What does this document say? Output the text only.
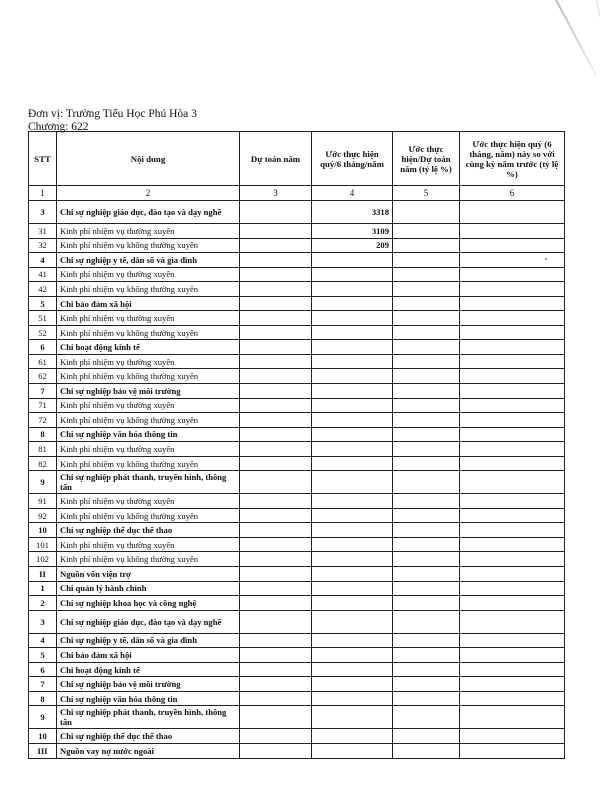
Đơn vị: Trường Tiểu Học Phú Hòa 3
Chương: 622
STT	Nội dung	Dự toán năm	Ước thực hiện quý/6 tháng/năm	Ước thực hiện/Dự toán năm (tỷ lệ %)	Ước thực hiện quý (6 tháng, năm) này so với cùng kỳ năm trước (tỷ lệ %)
1	2	3	4	5	6
3	Chi sự nghiệp giáo dục, đào tạo và dạy nghề		3318		
31	Kinh phí nhiệm vụ thường xuyên		3109		
32	Kinh phí nhiệm vụ không thường xuyên		209		
4	Chi sự nghiệp y tế, dân số và gia đình				
41	Kinh phí nhiệm vụ thường xuyên				
42	Kinh phí nhiệm vụ không thường xuyên				
5	Chi bảo đảm xã hội				
51	Kinh phí nhiệm vụ thường xuyên				
52	Kinh phí nhiệm vụ không thường xuyên				
6	Chi hoạt động kinh tế				
61	Kinh phí nhiệm vụ thường xuyên				
62	Kinh phí nhiệm vụ không thường xuyên				
7	Chi sự nghiệp bảo vệ môi trường				
71	Kinh phí nhiệm vụ thường xuyên				
72	Kinh phí nhiệm vụ không thường xuyên				
8	Chi sự nghiệp văn hóa thông tin				
81	Kinh phí nhiệm vụ thường xuyên				
82	Kinh phí nhiệm vụ không thường xuyên				
9	Chi sự nghiệp phát thanh, truyền hình, thông tấn				
91	Kinh phí nhiệm vụ thường xuyên				
92	Kinh phí nhiệm vụ không thường xuyên				
10	Chi sự nghiệp thể dục thể thao				
101	Kinh phí nhiệm vụ thường xuyên				
102	Kinh phí nhiệm vụ không thường xuyên				
II	Nguồn vốn viện trợ				
1	Chi quản lý hành chính				
2	Chi sự nghiệp khoa học và công nghệ				
3	Chi sự nghiệp giáo dục, đào tạo và dạy nghề				
4	Chi sự nghiệp y tế, dân số và gia đình				
5	Chi bảo đảm xã hội				
6	Chi hoạt động kinh tế				
7	Chi sự nghiệp bảo vệ môi trường				
8	Chi sự nghiệp văn hóa thông tin				
9	Chi sự nghiệp phát thanh, truyền hình, thông tấn				
10	Chi sự nghiệp thể dục thể thao				
III	Nguồn vay nợ nước ngoài				
